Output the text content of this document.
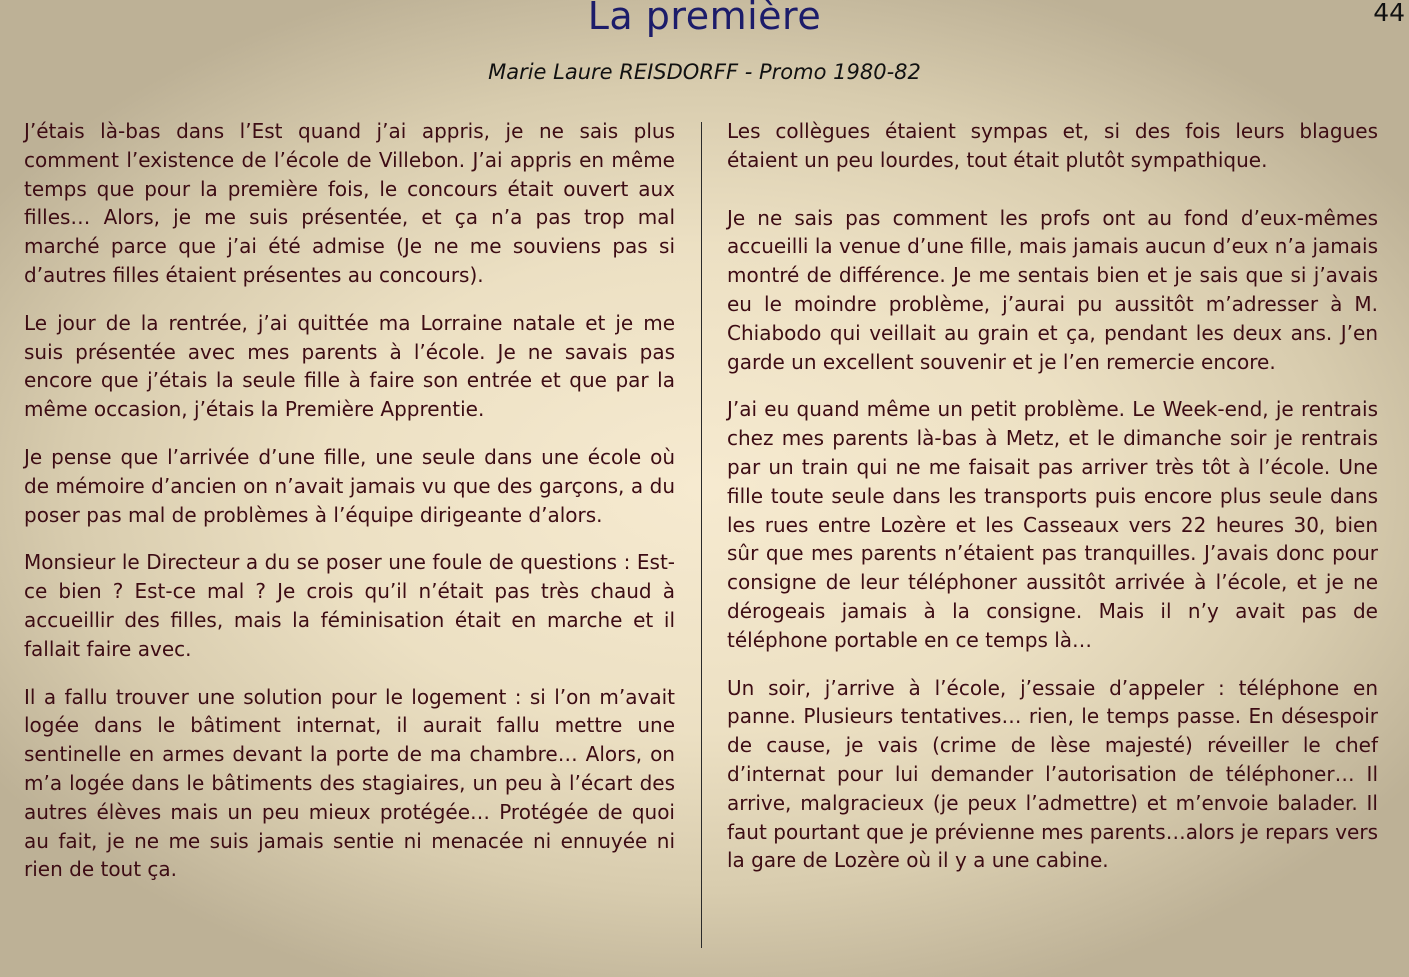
44
La première
Marie Laure REISDORFF - Promo 1980-82

J’étais là-bas dans l’Est quand j’ai appris, je ne sais plus comment l’existence de l’école de Villebon. J’ai appris en même temps que pour la première fois, le concours était ouvert aux filles… Alors, je me suis présentée, et ça n’a pas trop mal marché parce que j’ai été admise (Je ne me souviens pas si d’autres filles étaient présentes au concours).

Le jour de la rentrée, j’ai quittée ma Lorraine natale et je me suis présentée avec mes parents à l’école. Je ne savais pas encore que j’étais la seule fille à faire son entrée et que par la même occasion, j’étais la Première Apprentie.

Je pense que l’arrivée d’une fille, une seule dans une école où de mémoire d’ancien on n’avait jamais vu que des garçons, a du poser pas mal de problèmes à l’équipe dirigeante d’alors.

Monsieur le Directeur a du se poser une foule de questions : Est-ce bien ? Est-ce mal ? Je crois qu’il n’était pas très chaud à accueillir des filles, mais la féminisation était en marche et il fallait faire avec.

Il a fallu trouver une solution pour le logement : si l’on m’avait logée dans le bâtiment internat, il aurait fallu mettre une sentinelle en armes devant la porte de ma chambre… Alors, on m’a logée dans le bâtiments des stagiaires, un peu à l’écart des autres élèves mais un peu mieux protégée… Protégée de quoi au fait, je ne me suis jamais sentie ni menacée ni ennuyée ni rien de tout ça.

Les collègues étaient sympas et, si des fois leurs blagues étaient un peu lourdes, tout était plutôt sympathique.

Je ne sais pas comment les profs ont au fond d’eux-mêmes accueilli la venue d’une fille, mais jamais aucun d’eux n’a jamais montré de différence. Je me sentais bien et je sais que si j’avais eu le moindre problème, j’aurai pu aussitôt m’adresser à M. Chiabodo qui veillait au grain et ça, pendant les deux ans. J’en garde un excellent souvenir et je l’en remercie encore.

J’ai eu quand même un petit problème. Le Week-end, je rentrais chez mes parents là-bas à Metz, et le dimanche soir je rentrais par un train qui ne me faisait pas arriver très tôt à l’école. Une fille toute seule dans les transports puis encore plus seule dans les rues entre Lozère et les Casseaux vers 22 heures 30, bien sûr que mes parents n’étaient pas tranquilles. J’avais donc pour consigne de leur téléphoner aussitôt arrivée à l’école, et je ne dérogeais jamais à la consigne. Mais il n’y avait pas de téléphone portable en ce temps là…

Un soir, j’arrive à l’école, j’essaie d’appeler : téléphone en panne. Plusieurs tentatives… rien, le temps passe. En désespoir de cause, je vais (crime de lèse majesté) réveiller le chef d’internat pour lui demander l’autorisation de téléphoner… Il arrive, malgracieux (je peux l’admettre) et m’envoie balader. Il faut pourtant que je prévienne mes parents…alors je repars vers la gare de Lozère où il y a une cabine.
